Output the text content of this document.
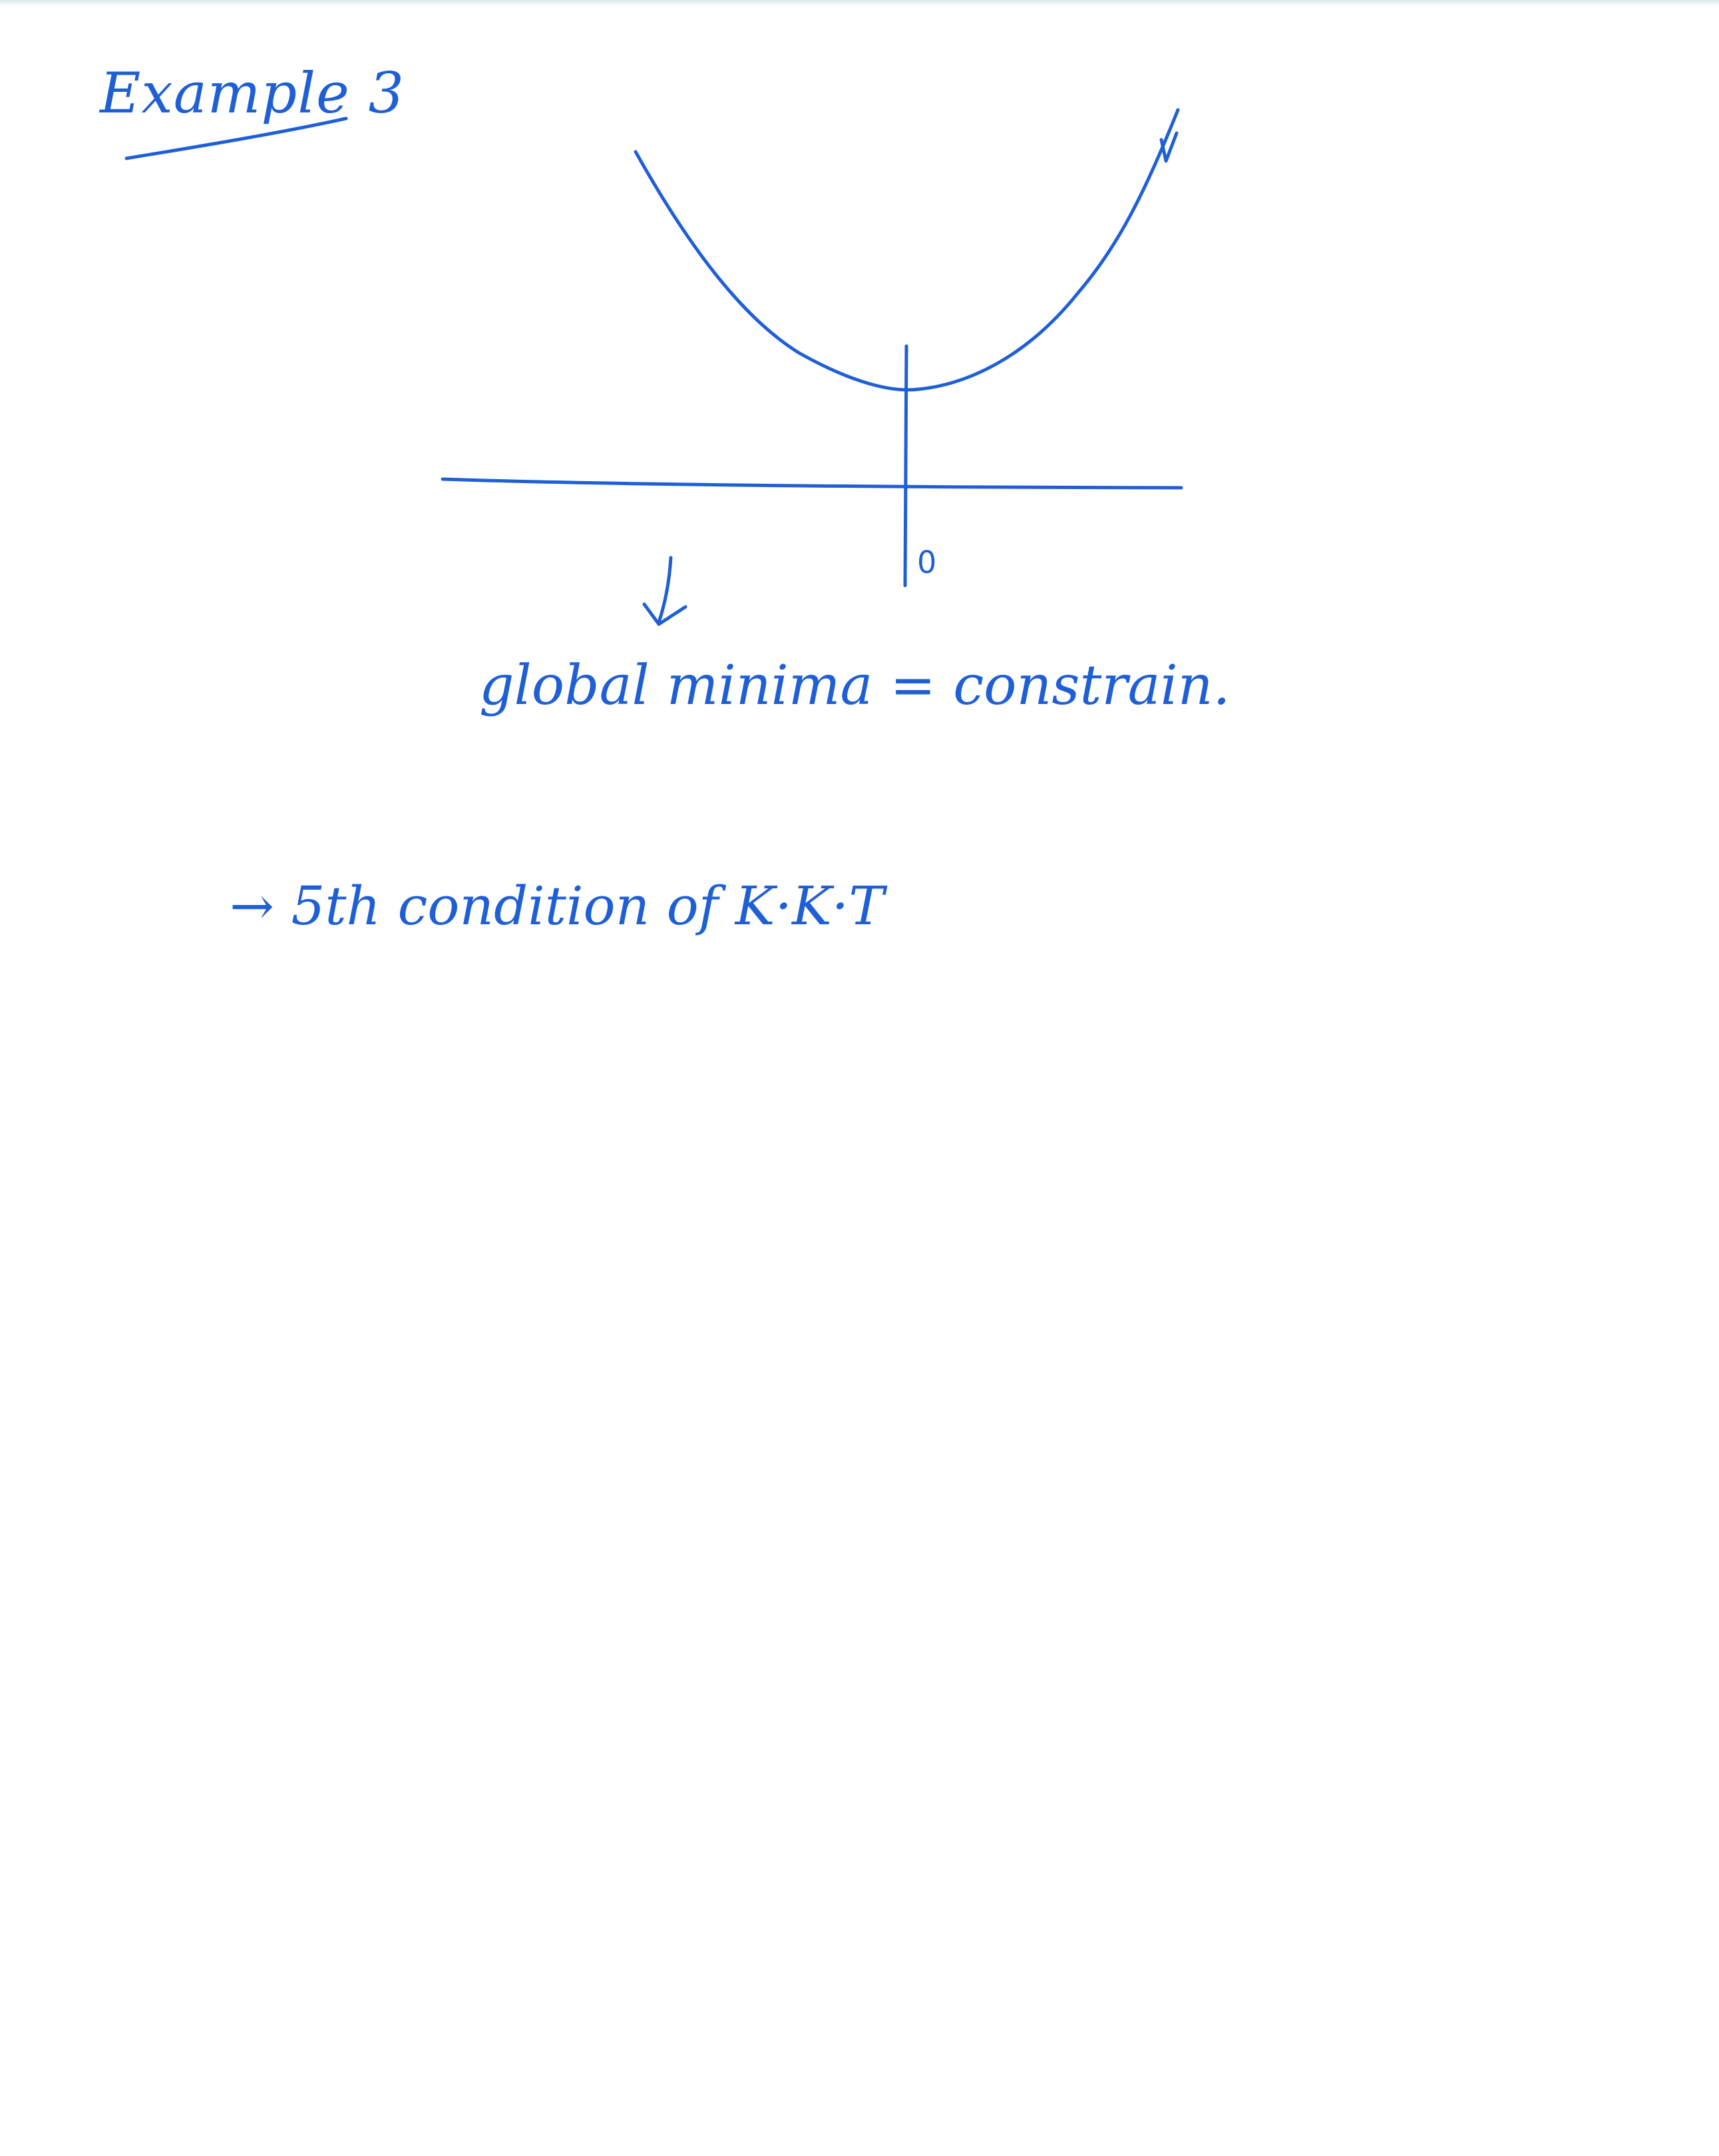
Example 3
0
global minima = constrain.
→ 5th condition of K·K·T
